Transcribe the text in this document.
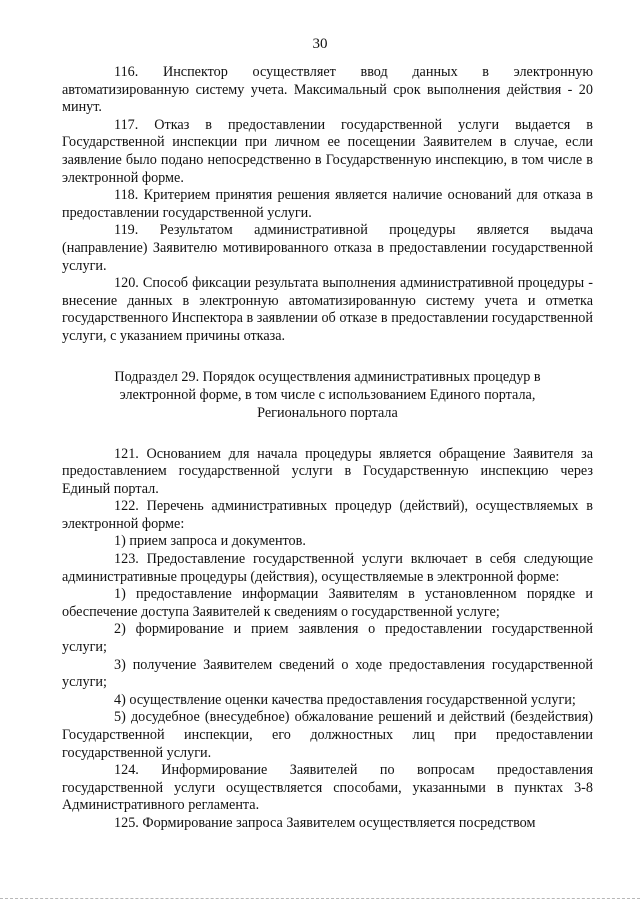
30

116. Инспектор осуществляет ввод данных в электронную автоматизированную систему учета. Максимальный срок выполнения действия - 20 минут.

117. Отказ в предоставлении государственной услуги выдается в Государственной инспекции при личном ее посещении Заявителем в случае, если заявление было подано непосредственно в Государственную инспекцию, в том числе в электронной форме.

118. Критерием принятия решения является наличие оснований для отказа в предоставлении государственной услуги.

119. Результатом административной процедуры является выдача (направление) Заявителю мотивированного отказа в предоставлении государственной услуги.

120. Способ фиксации результата выполнения административной процедуры - внесение данных в электронную автоматизированную систему учета и отметка государственного Инспектора в заявлении об отказе в предоставлении государственной услуги, с указанием причины отказа.

Подраздел 29. Порядок осуществления административных процедур в электронной форме, в том числе с использованием Единого портала, Регионального портала

121. Основанием для начала процедуры является обращение Заявителя за предоставлением государственной услуги в Государственную инспекцию через Единый портал.

122. Перечень административных процедур (действий), осуществляемых в электронной форме:

1) прием запроса и документов.

123. Предоставление государственной услуги включает в себя следующие административные процедуры (действия), осуществляемые в электронной форме:

1) предоставление информации Заявителям в установленном порядке и обеспечение доступа Заявителей к сведениям о государственной услуге;

2) формирование и прием заявления о предоставлении государственной услуги;

3) получение Заявителем сведений о ходе предоставления государственной услуги;

4) осуществление оценки качества предоставления государственной услуги;

5) досудебное (внесудебное) обжалование решений и действий (бездействия) Государственной инспекции, его должностных лиц при предоставлении государственной услуги.

124. Информирование Заявителей по вопросам предоставления государственной услуги осуществляется способами, указанными в пунктах 3-8 Административного регламента.

125. Формирование запроса Заявителем осуществляется посредством
